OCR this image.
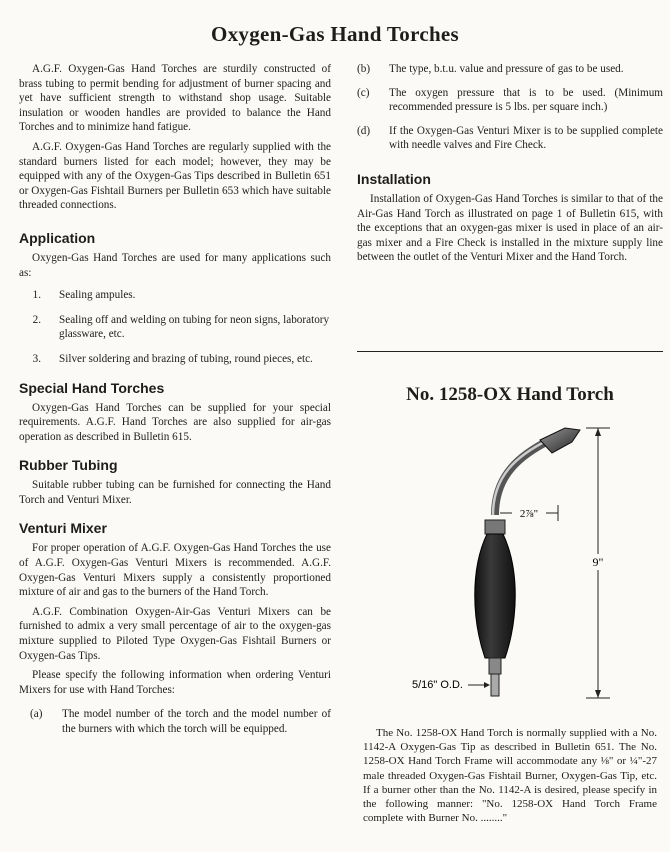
Oxygen-Gas Hand Torches

A.G.F. Oxygen-Gas Hand Torches are sturdily constructed of brass tubing to permit bending for adjustment of burner spacing and yet have sufficient strength to withstand shop usage. Suitable insulation or wooden handles are provided to balance the Hand Torches and to minimize hand fatigue.

A.G.F. Oxygen-Gas Hand Torches are regularly supplied with the standard burners listed for each model; however, they may be equipped with any of the Oxygen-Gas Tips described in Bulletin 651 or Oxygen-Gas Fishtail Burners per Bulletin 653 which have suitable threaded connections.

Application

Oxygen-Gas Hand Torches are used for many applications such as:

1.	Sealing ampules.
2.	Sealing off and welding on tubing for neon signs, laboratory glassware, etc.
3.	Silver soldering and brazing of tubing, round pieces, etc.
Special Hand Torches

Oxygen-Gas Hand Torches can be supplied for your special requirements. A.G.F. Hand Torches are also supplied for air-gas operation as described in Bulletin 615.

Rubber Tubing

Suitable rubber tubing can be furnished for connecting the Hand Torch and Venturi Mixer.

Venturi Mixer

For proper operation of A.G.F. Oxygen-Gas Hand Torches the use of A.G.F. Oxygen-Gas Venturi Mixers is recommended. A.G.F. Oxygen-Gas Venturi Mixers supply a consistently proportioned mixture of air and gas to the burners of the Hand Torch.

A.G.F. Combination Oxygen-Air-Gas Venturi Mixers can be furnished to admix a very small percentage of air to the oxygen-gas mixture supplied to Piloted Type Oxygen-Gas Fishtail Burners or Oxygen-Gas Tips.

Please specify the following information when ordering Venturi Mixers for use with Hand Torches:

(a)	The model number of the torch and the model number of the burners with which the torch will be equipped.
(b)	The type, b.t.u. value and pressure of gas to be used.
(c)	The oxygen pressure that is to be used. (Minimum recommended pressure is 5 lbs. per square inch.)
(d)	If the Oxygen-Gas Venturi Mixer is to be supplied complete with needle valves and Fire Check.
Installation

Installation of Oxygen-Gas Hand Torches is similar to that of the Air-Gas Hand Torch as illustrated on page 1 of Bulletin 615, with the exceptions that an oxygen-gas mixer is used in place of an air-gas mixer and a Fire Check is installed in the mixture supply line between the outlet of the Venturi Mixer and the Hand Torch.

No. 1258-OX Hand Torch
9"
2⅞"
5/16" O.D.

The No. 1258-OX Hand Torch is normally supplied with a No. 1142-A Oxygen-Gas Tip as described in Bulletin 651. The No. 1258-OX Hand Torch Frame will accommodate any ⅛" or ¼"-27 male threaded Oxygen-Gas Fishtail Burner, Oxygen-Gas Tip, etc. If a burner other than the No. 1142-A is desired, please specify in the following manner: "No. 1258-OX Hand Torch Frame complete with Burner No. ........"
